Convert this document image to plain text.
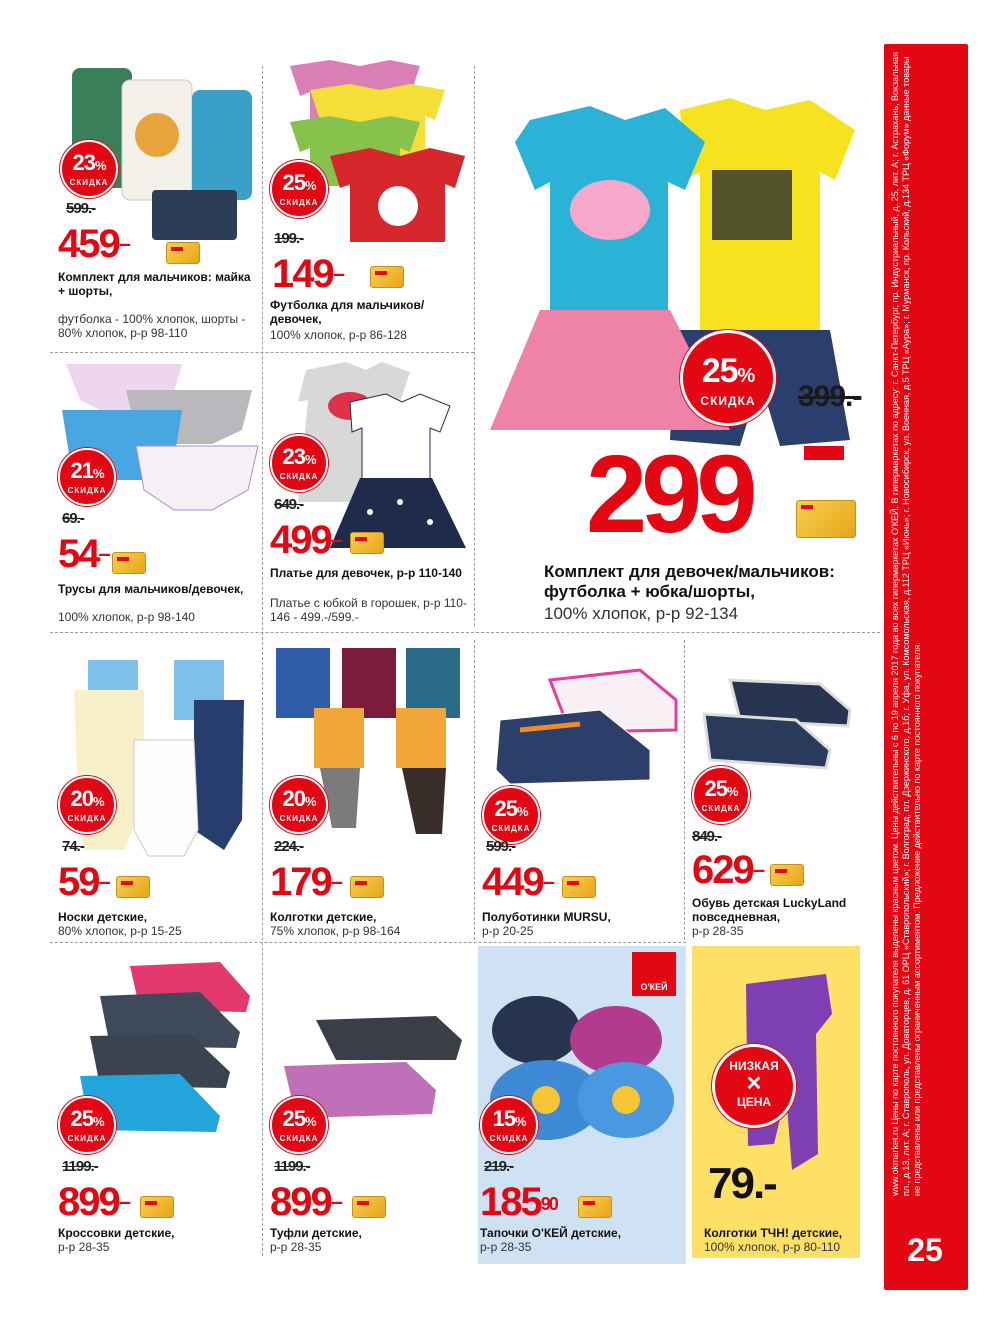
23%
СКИДКА
599.-
459–
Комплект для мальчиков: майка + шорты,
футболка - 100% хлопок, шорты - 80% хлопок, р-р 98-110
25%
СКИДКА
199.-
149–
Футболка для мальчиков/девочек,
100% хлопок, р-р 86-128
25%
СКИДКА	399.-
299
Комплект для девочек/мальчиков: футболка + юбка/шорты,
100% хлопок, р-р 92-134
21%
СКИДКА
69.-
54–
Трусы для мальчиков/девочек,
100% хлопок, р-р 98-140
23%
СКИДКА
649.-
499–
Платье для девочек, р-р 110-140
Платье с юбкой в горошек, р-р 110-146 - 499.-/599.-
20%
СКИДКА
74.-
59–
Носки детские,
80% хлопок, р-р 15-25
20%
СКИДКА
224.-
179–
Колготки детские,
75% хлопок, р-р 98-164
25%
СКИДКА
599.-
449–
Полуботинки MURSU,
р-р 20-25
25%
СКИДКА
849.-
629–
Обувь детская LuckyLand повседневная,
р-р 28-35
25%
СКИДКА
1199.-
899–
Кроссовки детские,
р-р 28-35
25%
СКИДКА
1199.-
899–
Туфли детские,
р-р 28-35
О'КЕЙ
15%
СКИДКА
219.-
$185^{90}$
Тапочки О'КЕЙ детские,
р-р 28-35
НИЗКАЯ
✕
ЦЕНА
79.-
Колготки ТЧН! детские,
100% хлопок, р-р 80-110
www.okmarket.ru Цены по карте постоянного покупателя выделены красным цветом. Цены действительны с 6 по 19 апреля 2017 года во всех гипермаркетах О'КЕЙ. В гипермаркетах по адресу: г. Санкт-Петербург, пр. Индустриальный, д. 25, лит. А; г. Астрахань, Вокзальная пл., д.13, лит. А; г. Ставрополь, ул. Доваторцев, д. 61 ОРЦ «Ставропольский»; г. Волгоград, пл. Дзержинского, д.1б; г. Уфа, ул. Комсомольская, д.112 ТРЦ «Июнь»; г. Новосибирск, ул. Военная, д.5 ТРЦ «Аура»; г. Мурманск, пр. Кольский, д.134 ТРЦ «Форум» данные товары не представлены или представлены ограниченным ассортиментом. Предложение действительно по карте постоянного покупателя.
25
